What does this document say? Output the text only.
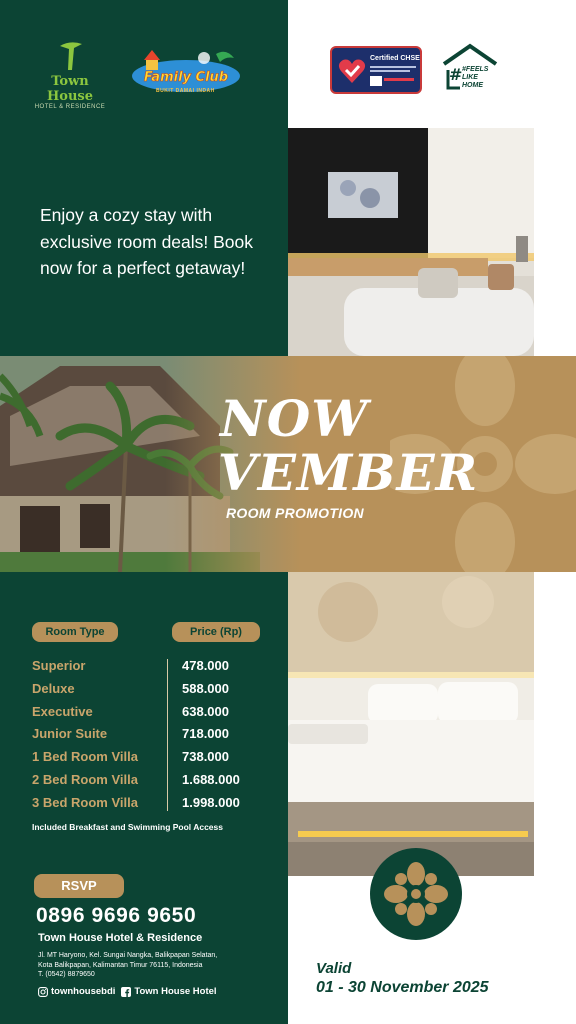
Town House
HOTEL & RESIDENCE
Family Club
BUKIT DAMAI INDAH
Certified CHSE
# #FEELS LIKE HOME
Enjoy a cozy stay with exclusive room deals! Book now for a perfect getaway!
NOW
VEMBER
ROOM PROMOTION
Room Type	Price (Rp)
Superior
Deluxe
Executive
Junior Suite
1 Bed Room Villa
2 Bed Room Villa
3 Bed Room Villa
478.000
588.000
638.000
718.000
738.000
1.688.000
1.998.000
Included Breakfast and Swimming Pool Access
RSVP
0896 9696 9650
Town House Hotel & Residence
Jl. MT Haryono, Kel. Sungai Nangka, Balikpapan Selatan,
Kota Balikpapan, Kalimantan Timur 76115, Indonesia
T. (0542) 8879650
townhousebdi Town House Hotel
Valid
01 - 30 November 2025
